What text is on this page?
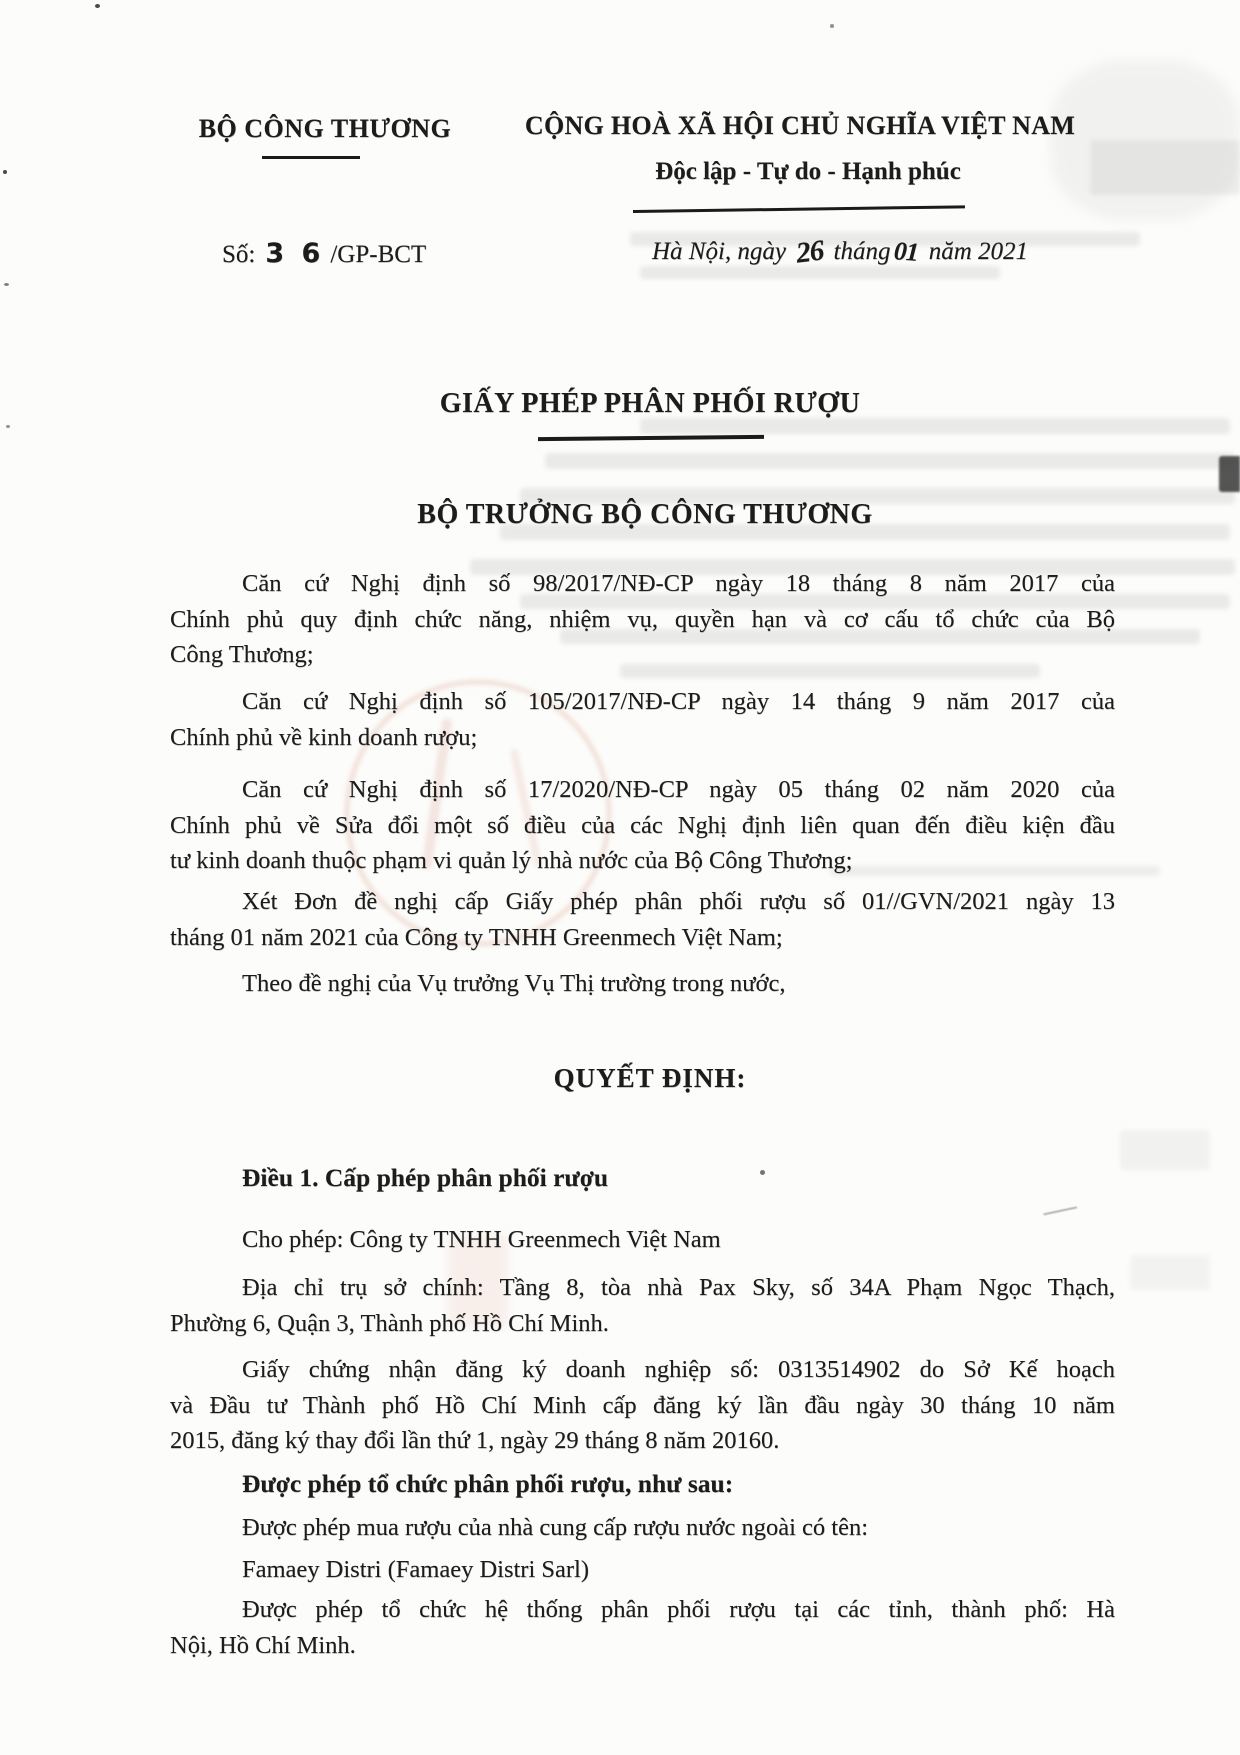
BỘ CÔNG THƯƠNG	CỘNG HOÀ XÃ HỘI CHỦ NGHĨA VIỆT NAM
Độc lập - Tự do - Hạnh phúc
Số: 3 6 /GP-BCT	Hà Nội, ngày 26 tháng 01 năm 2021
GIẤY PHÉP PHÂN PHỐI RƯỢU
BỘ TRƯỞNG BỘ CÔNG THƯƠNG
Căn cứ Nghị định số 98/2017/NĐ-CP ngày 18 tháng 8 năm 2017 của
Chính phủ quy định chức năng, nhiệm vụ, quyền hạn và cơ cấu tổ chức của Bộ
Công Thương;
Căn cứ Nghị định số 105/2017/NĐ-CP ngày 14 tháng 9 năm 2017 của
Chính phủ về kinh doanh rượu;
Căn cứ Nghị định số 17/2020/NĐ-CP ngày 05 tháng 02 năm 2020 của
Chính phủ về Sửa đổi một số điều của các Nghị định liên quan đến điều kiện đầu
tư kinh doanh thuộc phạm vi quản lý nhà nước của Bộ Công Thương;
Xét Đơn đề nghị cấp Giấy phép phân phối rượu số 01//GVN/2021 ngày 13
tháng 01 năm 2021 của Công ty TNHH Greenmech Việt Nam;
Theo đề nghị của Vụ trưởng Vụ Thị trường trong nước,
QUYẾT ĐỊNH:
Điều 1. Cấp phép phân phối rượu
Cho phép: Công ty TNHH Greenmech Việt Nam
Địa chỉ trụ sở chính: Tầng 8, tòa nhà Pax Sky, số 34A Phạm Ngọc Thạch,
Phường 6, Quận 3, Thành phố Hồ Chí Minh.
Giấy chứng nhận đăng ký doanh nghiệp số: 0313514902 do Sở Kế hoạch
và Đầu tư Thành phố Hồ Chí Minh cấp đăng ký lần đầu ngày 30 tháng 10 năm
2015, đăng ký thay đổi lần thứ 1, ngày 29 tháng 8 năm 20160.
Được phép tổ chức phân phối rượu, như sau:
Được phép mua rượu của nhà cung cấp rượu nước ngoài có tên:
Famaey Distri (Famaey Distri Sarl)
Được phép tổ chức hệ thống phân phối rượu tại các tỉnh, thành phố: Hà
Nội, Hồ Chí Minh.
